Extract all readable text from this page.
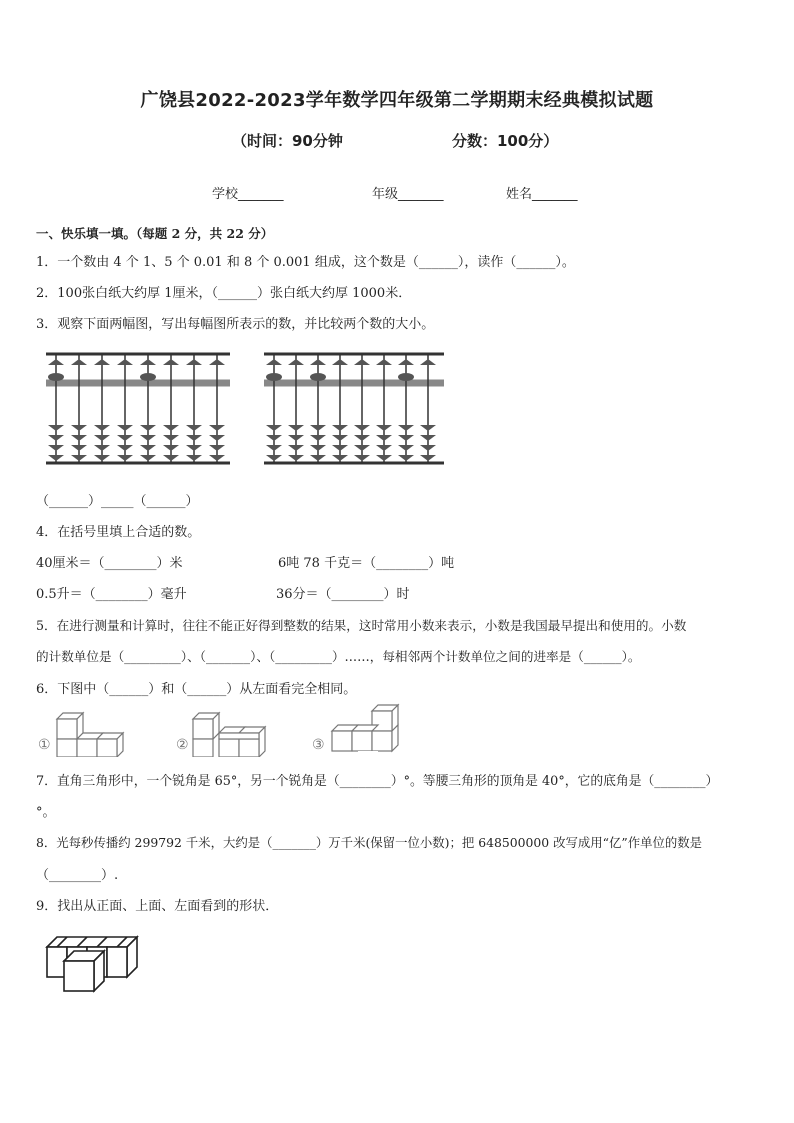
广饶县2022-2023学年数学四年级第二学期期末经典模拟试题
（时间：90分钟	分数：100分）
学校_______	年级_______	姓名_______
一、快乐填一填。（每题 2 分，共 22 分）
1．一个数由 4 个 1、5 个 0.01 和 8 个 0.001 组成，这个数是（______），读作（______）。
2．100张白纸大约厚 1厘米，（______）张白纸大约厚 1000米．
3．观察下面两幅图，写出每幅图所表示的数，并比较两个数的大小。
（______）_____（______）
4．在括号里填上合适的数。
40厘米＝（________）米	6吨 78 千克＝（________）吨
0.5升＝（________）毫升	36分＝（________）时
5．在进行测量和计算时，往往不能正好得到整数的结果，这时常用小数来表示，小数是我国最早提出和使用的。小数
的计数单位是（_________）、（_______）、（_________）……，每相邻两个计数单位之间的进率是（______）。
6．下图中（______）和（______）从左面看完全相同。
①	②	③
7．直角三角形中，一个锐角是 65°，另一个锐角是（________）°。等腰三角形的顶角是 40°，它的底角是（________）
°。
8．光每秒传播约 299792 千米，大约是（_______）万千米(保留一位小数)；把 648500000 改写成用“亿”作单位的数是
（________）.
9．找出从正面、上面、左面看到的形状．
